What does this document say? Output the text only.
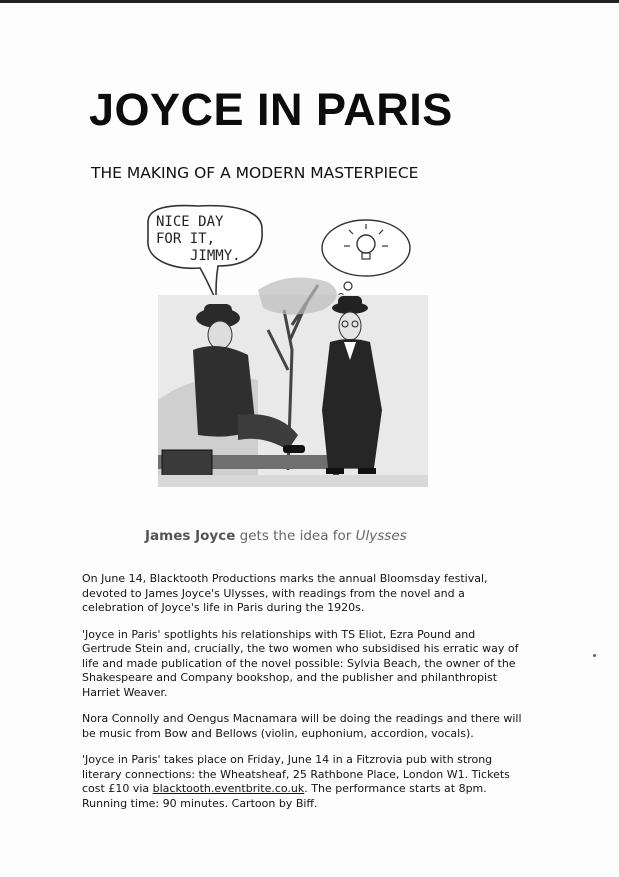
JOYCE IN PARIS
THE MAKING OF A MODERN MASTERPIECE
NICE DAY
FOR IT,
JIMMY.
James Joyce gets the idea for Ulysses

On June 14, Blacktooth Productions marks the annual Bloomsday festival, devoted to James Joyce's Ulysses, with readings from the novel and a celebration of Joyce's life in Paris during the 1920s.

'Joyce in Paris' spotlights his relationships with TS Eliot, Ezra Pound and Gertrude Stein and, crucially, the two women who subsidised his erratic way of life and made publication of the novel possible: Sylvia Beach, the owner of the Shakespeare and Company bookshop, and the publisher and philanthropist Harriet Weaver.

Nora Connolly and Oengus Macnamara will be doing the readings and there will be music from Bow and Bellows (violin, euphonium, accordion, vocals).

'Joyce in Paris' takes place on Friday, June 14 in a Fitzrovia pub with strong literary connections: the Wheatsheaf, 25 Rathbone Place, London W1. Tickets cost £10 via blacktooth.eventbrite.co.uk. The performance starts at 8pm. Running time: 90 minutes. Cartoon by Biff.
